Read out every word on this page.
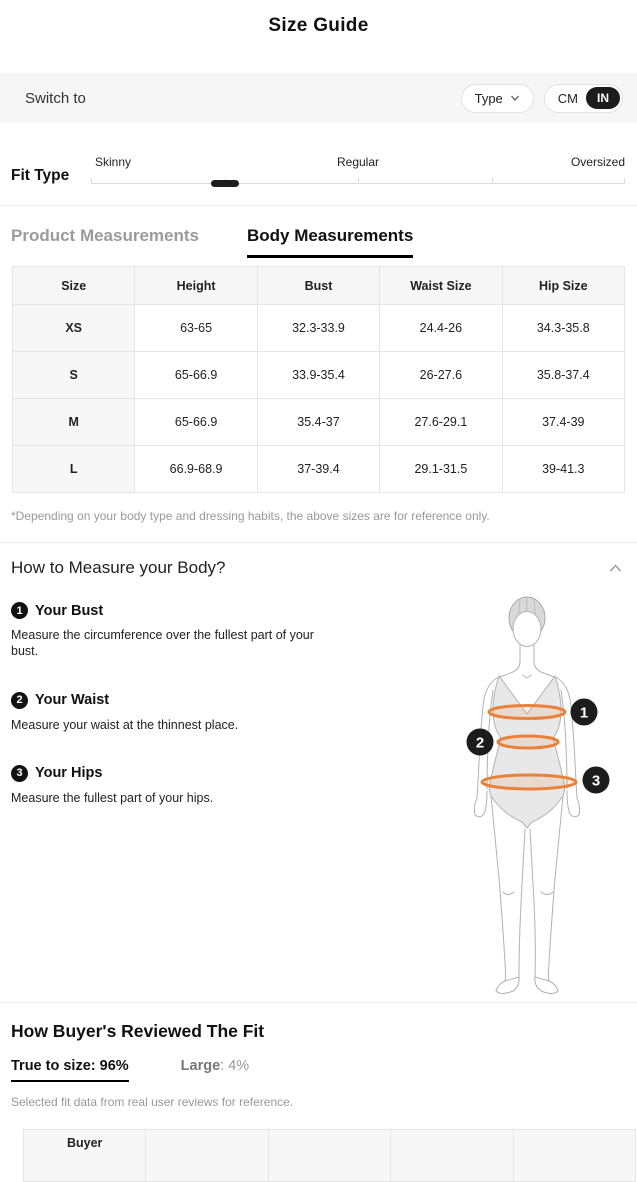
Size Guide
Switch to	Type	CM	IN
Fit Type
Skinny	Regular	Oversized
Product Measurements	Body Measurements
Size	Height	Bust	Waist Size	Hip Size
XS	63-65	32.3-33.9	24.4-26	34.3-35.8
S	65-66.9	33.9-35.4	26-27.6	35.8-37.4
M	65-66.9	35.4-37	27.6-29.1	37.4-39
L	66.9-68.9	37-39.4	29.1-31.5	39-41.3
*Depending on your body type and dressing habits, the above sizes are for reference only.
How to Measure your Body?
1 Your Bust
Measure the circumference over the fullest part of your bust.
2 Your Waist
Measure your waist at the thinnest place.
3 Your Hips
Measure the fullest part of your hips.
1
2
3
How Buyer's Reviewed The Fit
True to size: 96%	Large: 4%
Selected fit data from real user reviews for reference.
Buyer				
